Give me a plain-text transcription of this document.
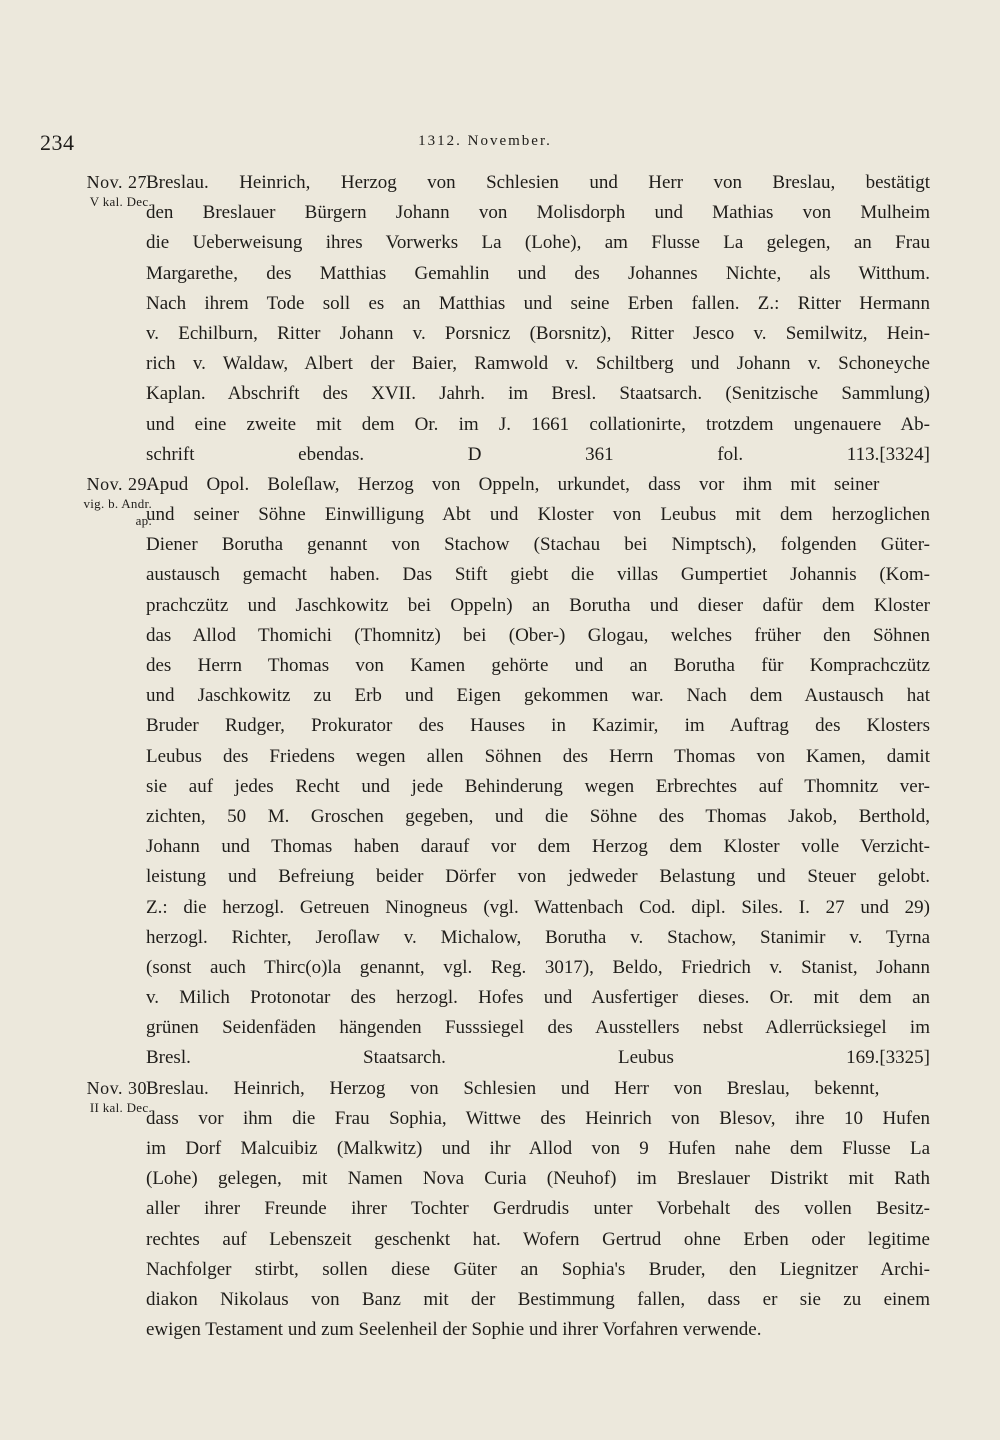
234	1312. November.
Nov. 27.
V kal. Dec.
Breslau. Heinrich, Herzog von Schlesien und Herr von Breslau, bestätigt
den Breslauer Bürgern Johann von Molisdorph und Mathias von Mulheim
die Ueberweisung ihres Vorwerks La (Lohe), am Flusse La gelegen, an Frau
Margarethe, des Matthias Gemahlin und des Johannes Nichte, als Witthum.
Nach ihrem Tode soll es an Matthias und seine Erben fallen. Z.: Ritter Hermann
v. Echilburn, Ritter Johann v. Porsnicz (Borsnitz), Ritter Jesco v. Semilwitz, Hein-
rich v. Waldaw, Albert der Baier, Ramwold v. Schiltberg und Johann v. Schoneyche
Kaplan. Abschrift des XVII. Jahrh. im Bresl. Staatsarch. (Senitzische Sammlung)
und eine zweite mit dem Or. im J. 1661 collationirte, trotzdem ungenauere Ab-
schrift ebendas. D 361 fol. 113. [3324]
Nov. 29.
vig. b. Andr.
ap.
Apud Opol. Boleſlaw, Herzog von Oppeln, urkundet, dass vor ihm mit seiner
und seiner Söhne Einwilligung Abt und Kloster von Leubus mit dem herzoglichen
Diener Borutha genannt von Stachow (Stachau bei Nimptsch), folgenden Güter-
austausch gemacht haben. Das Stift giebt die villas Gumpertiet Johannis (Kom-
prachczütz und Jaschkowitz bei Oppeln) an Borutha und dieser dafür dem Kloster
das Allod Thomichi (Thomnitz) bei (Ober-) Glogau, welches früher den Söhnen
des Herrn Thomas von Kamen gehörte und an Borutha für Komprachczütz
und Jaschkowitz zu Erb und Eigen gekommen war. Nach dem Austausch hat
Bruder Rudger, Prokurator des Hauses in Kazimir, im Auftrag des Klosters
Leubus des Friedens wegen allen Söhnen des Herrn Thomas von Kamen, damit
sie auf jedes Recht und jede Behinderung wegen Erbrechtes auf Thomnitz ver-
zichten, 50 M. Groschen gegeben, und die Söhne des Thomas Jakob, Berthold,
Johann und Thomas haben darauf vor dem Herzog dem Kloster volle Verzicht-
leistung und Befreiung beider Dörfer von jedweder Belastung und Steuer gelobt.
Z.: die herzogl. Getreuen Ninogneus (vgl. Wattenbach Cod. dipl. Siles. I. 27 und 29)
herzogl. Richter, Jeroſlaw v. Michalow, Borutha v. Stachow, Stanimir v. Tyrna
(sonst auch Thirc(o)la genannt, vgl. Reg. 3017), Beldo, Friedrich v. Stanist, Johann
v. Milich Protonotar des herzogl. Hofes und Ausfertiger dieses. Or. mit dem an
grünen Seidenfäden hängenden Fusssiegel des Ausstellers nebst Adlerrücksiegel im
Bresl. Staatsarch. Leubus 169. [3325]
Nov. 30.
II kal. Dec.
Breslau. Heinrich, Herzog von Schlesien und Herr von Breslau, bekennt,
dass vor ihm die Frau Sophia, Wittwe des Heinrich von Blesov, ihre 10 Hufen
im Dorf Malcuibiz (Malkwitz) und ihr Allod von 9 Hufen nahe dem Flusse La
(Lohe) gelegen, mit Namen Nova Curia (Neuhof) im Breslauer Distrikt mit Rath
aller ihrer Freunde ihrer Tochter Gerdrudis unter Vorbehalt des vollen Besitz-
rechtes auf Lebenszeit geschenkt hat. Wofern Gertrud ohne Erben oder legitime
Nachfolger stirbt, sollen diese Güter an Sophia's Bruder, den Liegnitzer Archi-
diakon Nikolaus von Banz mit der Bestimmung fallen, dass er sie zu einem
ewigen Testament und zum Seelenheil der Sophie und ihrer Vorfahren verwende.
